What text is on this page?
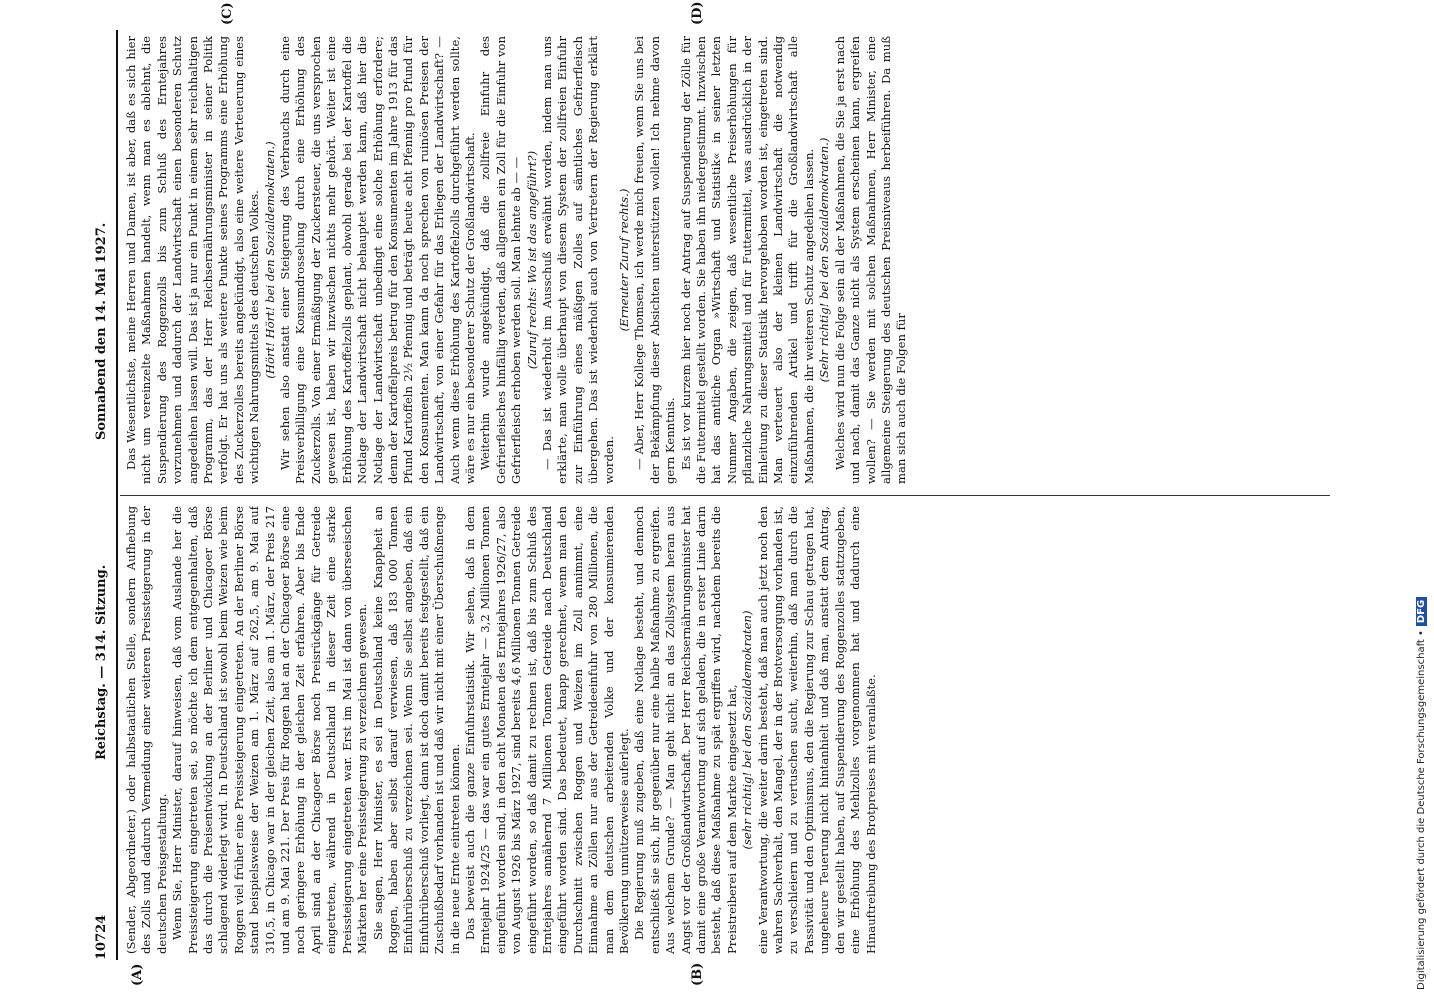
10724
Reichstag. — 314. Sitzung.
Sonnabend den 14. Mai 1927.
(A)	(B)
(C)	(D)

(Sender, Abgeordneter.) oder halbstaatlichen Stelle, sondern Aufhebung des Zolls und dadurch Vermeidung einer weiteren Preissteigerung in der deutschen Preisgestaltung. Wenn Sie, Herr Minister, darauf hinweisen, daß vom Auslande her die Preissteigerung eingetreten sei, so möchte ich dem entgegenhalten, daß das durch die Preisentwicklung an der Berliner und Chicagoer Börse schlagend widerlegt wird. In Deutschland ist sowohl beim Weizen wie beim Roggen viel früher eine Preissteigerung eingetreten. An der Berliner Börse stand beispielsweise der Weizen am 1. März auf 262,5, am 9. Mai auf 310,5, in Chicago war in der gleichen Zeit, also am 1. März, der Preis 217 und am 9. Mai 221. Der Preis für Roggen hat an der Chicagoer Börse eine noch geringere Erhöhung in der gleichen Zeit erfahren. Aber bis Ende April sind an der Chicagoer Börse noch Preisrückgänge für Getreide eingetreten, während in Deutschland in dieser Zeit eine starke Preissteigerung eingetreten war. Erst im Mai ist dann von überseeischen Märkten her eine Preissteigerung zu verzeichnen gewesen. Sie sagen, Herr Minister, es sei in Deutschland keine Knappheit an Roggen, haben aber selbst darauf verwiesen, daß 183 000 Tonnen Einfuhrüberschuß zu verzeichnen sei. Wenn Sie selbst angeben, daß ein Einfuhrüberschuß vorliegt, dann ist doch damit bereits festgestellt, daß ein Zuschußbedarf vorhanden ist und daß wir nicht mit einer Überschußmenge in die neue Ernte eintreten können. Das beweist auch die ganze Einfuhrstatistik. Wir sehen, daß in dem Erntejahr 1924/25 — das war ein gutes Erntejahr — 3,2 Millionen Tonnen eingeführt worden sind, in den acht Monaten des Erntejahres 1926/27, also von August 1926 bis März 1927, sind bereits 4,6 Millionen Tonnen Getreide eingeführt worden, so daß damit zu rechnen ist, daß bis zum Schluß des Erntejahres annähernd 7 Millionen Tonnen Getreide nach Deutschland eingeführt worden sind. Das bedeutet, knapp gerechnet, wenn man den Durchschnitt zwischen Roggen und Weizen im Zoll annimmt, eine Einnahme an Zöllen nur aus der Getreideeinfuhr von 280 Millionen, die man dem deutschen arbeitenden Volke und der konsumierenden Bevölkerung unnützerweise auferlegt. Die Regierung muß zugeben, daß eine Notlage besteht, und dennoch entschließt sie sich, ihr gegenüber nur eine halbe Maßnahme zu ergreifen. Aus welchem Grunde? — Man geht nicht an das Zollsystem heran aus Angst vor der Großlandwirtschaft. Der Herr Reichsernährungsminister hat damit eine große Verantwortung auf sich geladen, die in erster Linie darin besteht, daß diese Maßnahme zu spät ergriffen wird, nachdem bereits die Preistreiberei auf dem Markte eingesetzt hat, (sehr richtig! bei den Sozialdemokraten) eine Verantwortung, die weiter darin besteht, daß man auch jetzt noch den wahren Sachverhalt, den Mangel, der in der Brotversorgung vorhanden ist, zu verschleiern und zu vertuschen sucht, weiterhin, daß man durch die Passivität und den Optimismus, den die Regierung zur Schau getragen hat, ungeheure Teuerung nicht hintanhielt und daß man, anstatt dem Antrag, den wir gestellt haben, auf Suspendierung des Roggenzolles stattzugeben, eine Erhöhung des Mehlzolles vorgenommen hat und dadurch eine Hinauftreibung des Brotpreises mit veranlaßte.

Das Wesentlichste, meine Herren und Damen, ist aber, daß es sich hier nicht um vereinzelte Maßnahmen handelt, wenn man es ablehnt, die Suspendierung des Roggenzolls bis zum Schluß des Erntejahres vorzunehmen und dadurch der Landwirtschaft einen besonderen Schutz angedeihen lassen will. Das ist ja nur ein Punkt in einem sehr reichhaltigen Programm, das der Herr Reichsernährungsminister in seiner Politik verfolgt. Er hat uns als weitere Punkte seines Programms eine Erhöhung des Zuckerzolles bereits angekündigt, also eine weitere Verteuerung eines wichtigen Nahrungsmittels des deutschen Volkes. (Hört! Hört! bei den Sozialdemokraten.) Wir sehen also anstatt einer Steigerung des Verbrauchs durch eine Preisverbilligung eine Konsumdrosselung durch eine Erhöhung des Zuckerzolls. Von einer Ermäßigung der Zuckersteuer, die uns versprochen gewesen ist, haben wir inzwischen nichts mehr gehört. Weiter ist eine Erhöhung des Kartoffelzolls geplant, obwohl gerade bei der Kartoffel die Notlage der Landwirtschaft nicht behauptet werden kann, daß hier die Notlage der Landwirtschaft unbedingt eine solche Erhöhung erfordere; denn der Kartoffelpreis betrug für den Konsumenten im Jahre 1913 für das Pfund Kartoffeln 2½ Pfennig und beträgt heute acht Pfennig pro Pfund für den Konsumenten. Man kann da noch sprechen von ruinösen Preisen der Landwirtschaft, von einer Gefahr für das Erliegen der Landwirtschaft? — Auch wenn diese Erhöhung des Kartoffelzolls durchgeführt werden sollte, wäre es nur ein besonderer Schutz der Großlandwirtschaft. Weiterhin wurde angekündigt, daß die zollfreie Einfuhr des Gefrierfleisches hinfällig werden, daß allgemein ein Zoll für die Einfuhr von Gefrierfleisch erhoben werden soll. Man lehnte ab — — (Zuruf rechts: Wo ist das angeführt?) — Das ist wiederholt im Ausschuß erwähnt worden, indem man uns erklärte, man wolle überhaupt von diesem System der zollfreien Einfuhr zur Einführung eines mäßigen Zolles auf sämtliches Gefrierfleisch übergehen. Das ist wiederholt auch von Vertretern der Regierung erklärt worden.

(Erneuter Zuruf rechts.) — Aber, Herr Kollege Thomsen, ich werde mich freuen, wenn Sie uns bei der Bekämpfung dieser Absichten unterstützen wollen! Ich nehme davon gern Kenntnis. Es ist vor kurzem hier noch der Antrag auf Suspendierung der Zölle für die Futtermittel gestellt worden. Sie haben ihn niedergestimmt. Inzwischen hat das amtliche Organ »Wirtschaft und Statistik« in seiner letzten Nummer Angaben, die zeigen, daß wesentliche Preiserhöhungen für pflanzliche Nahrungsmittel und für Futtermittel, was ausdrücklich in der Einleitung zu dieser Statistik hervorgehoben worden ist, eingetreten sind. Man verteuert also der kleinen Landwirtschaft die notwendig einzuführenden Artikel und trifft für die Großlandwirtschaft alle Maßnahmen, die ihr weiteren Schutz angedeihen lassen. (Sehr richtig! bei den Sozialdemokraten.) Welches wird nun die Folge sein all der Maßnahmen, die Sie ja erst nach und nach, damit das Ganze nicht als System erscheinen kann, ergreifen wollen? — Sie werden mit solchen Maßnahmen, Herr Minister, eine allgemeine Steigerung des deutschen Preisniveaus herbeiführen. Da muß man sich auch die Folgen für

Digitalisierung gefördert durch die Deutsche Forschungsgemeinschaft •DFG
